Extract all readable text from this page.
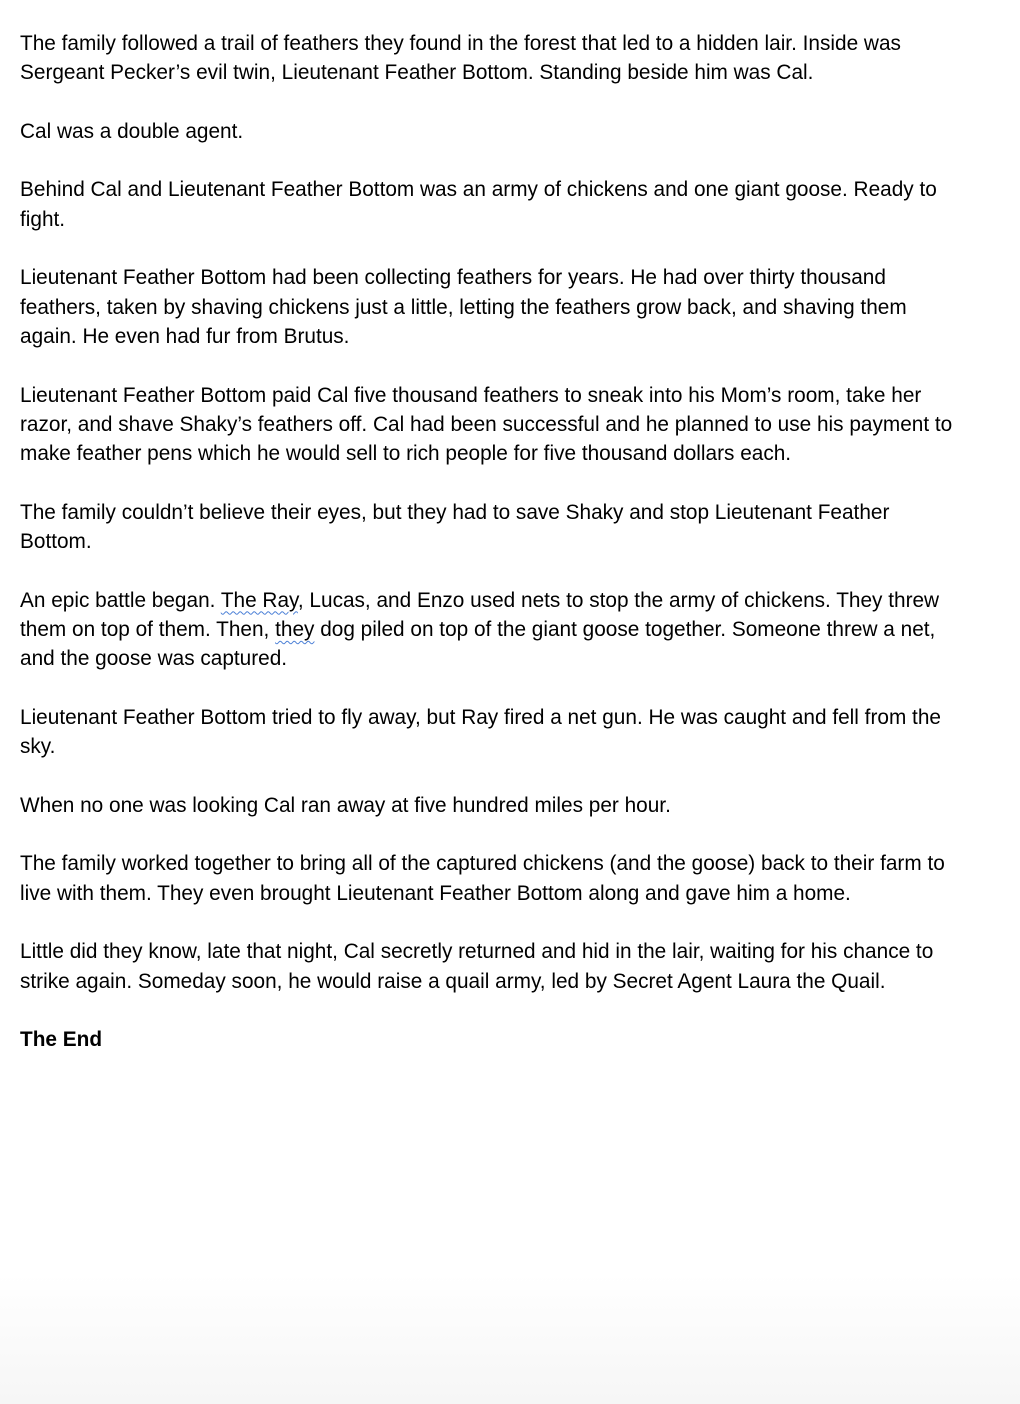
The family followed a trail of feathers they found in the forest that led to a hidden lair. Inside was Sergeant Pecker’s evil twin, Lieutenant Feather Bottom. Standing beside him was Cal.

Cal was a double agent.

Behind Cal and Lieutenant Feather Bottom was an army of chickens and one giant goose. Ready to fight.

Lieutenant Feather Bottom had been collecting feathers for years. He had over thirty thousand feathers, taken by shaving chickens just a little, letting the feathers grow back, and shaving them again. He even had fur from Brutus.

Lieutenant Feather Bottom paid Cal five thousand feathers to sneak into his Mom’s room, take her razor, and shave Shaky’s feathers off. Cal had been successful and he planned to use his payment to make feather pens which he would sell to rich people for five thousand dollars each.

The family couldn’t believe their eyes, but they had to save Shaky and stop Lieutenant Feather Bottom.

An epic battle began. The Ray, Lucas, and Enzo used nets to stop the army of chickens. They threw them on top of them. Then, they dog piled on top of the giant goose together. Someone threw a net, and the goose was captured.

Lieutenant Feather Bottom tried to fly away, but Ray fired a net gun. He was caught and fell from the sky.

When no one was looking Cal ran away at five hundred miles per hour.

The family worked together to bring all of the captured chickens (and the goose) back to their farm to live with them. They even brought Lieutenant Feather Bottom along and gave him a home.

Little did they know, late that night, Cal secretly returned and hid in the lair, waiting for his chance to strike again. Someday soon, he would raise a quail army, led by Secret Agent Laura the Quail.

The End
